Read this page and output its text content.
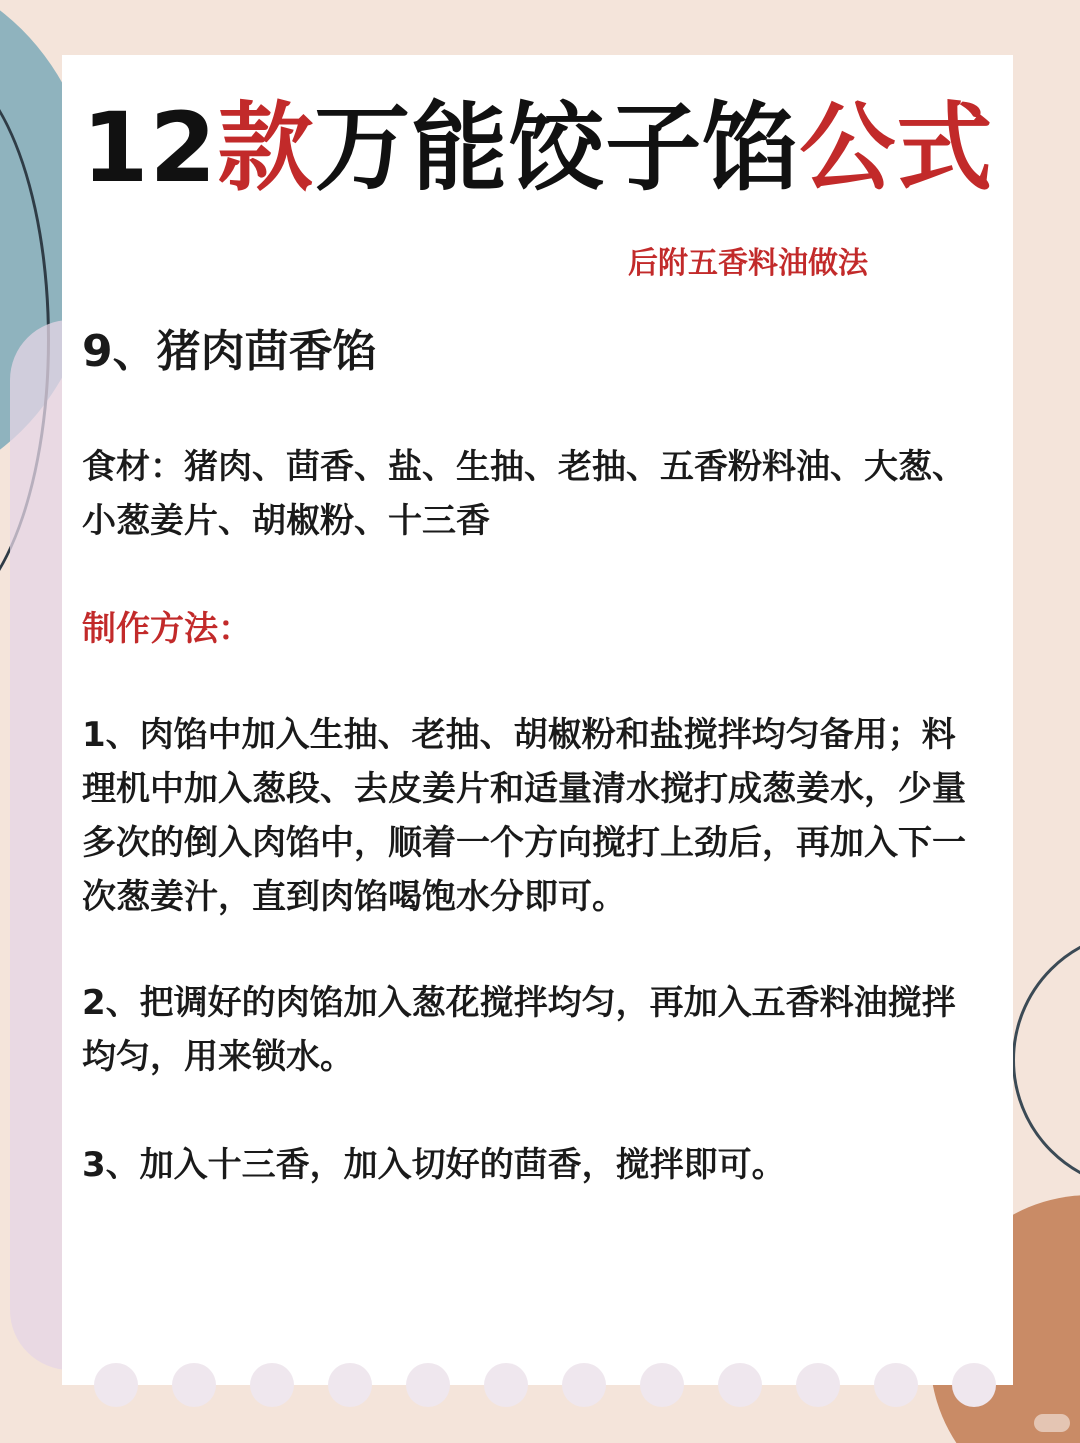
12款万能饺子馅公式
后附五香料油做法
9、猪肉茴香馅

食材：猪肉、茴香、盐、生抽、老抽、五香粉料油、大葱、小葱姜片、胡椒粉、十三香

制作方法：

1、肉馅中加入生抽、老抽、胡椒粉和盐搅拌均匀备用；料理机中加入葱段、去皮姜片和适量清水搅打成葱姜水，少量多次的倒入肉馅中，顺着一个方向搅打上劲后，再加入下一次葱姜汁，直到肉馅喝饱水分即可。

2、把调好的肉馅加入葱花搅拌均匀，再加入五香料油搅拌均匀，用来锁水。

3、加入十三香，加入切好的茴香，搅拌即可。
